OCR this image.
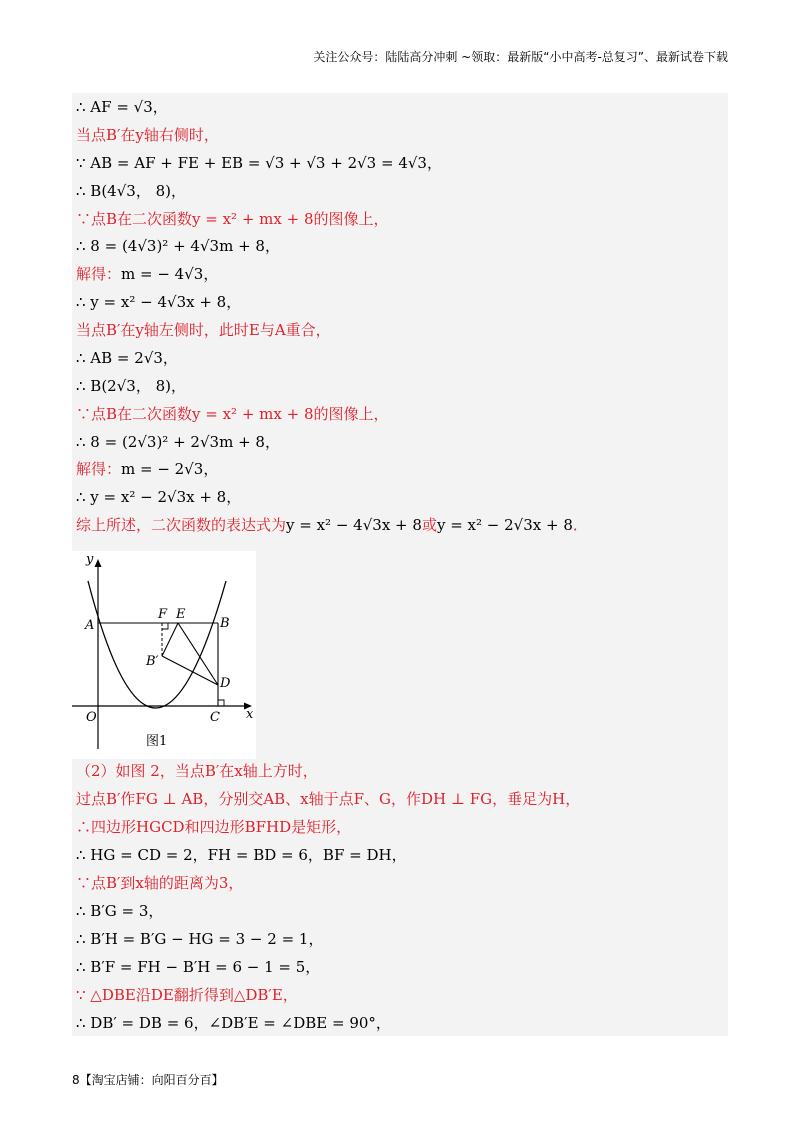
关注公众号：陆陆高分冲刺 ~领取：最新版“小中高考-总复习”、最新试卷下载
∴ AF = √3，
当点B′在y轴右侧时，
∵ AB = AF + FE + EB = √3 + √3 + 2√3 = 4√3，
∴ B(4√3， 8)，
∵点B在二次函数y = x² + mx + 8的图像上，
∴ 8 = (4√3)² + 4√3m + 8，
解得：m = − 4√3，
∴ y = x² − 4√3x + 8，
当点B′在y轴左侧时，此时E与A重合，
∴ AB = 2√3，
∴ B(2√3， 8)，
∵点B在二次函数y = x² + mx + 8的图像上，
∴ 8 = (2√3)² + 2√3m + 8，
解得：m = − 2√3，
∴ y = x² − 2√3x + 8，
综上所述，二次函数的表达式为y = x² − 4√3x + 8或y = x² − 2√3x + 8．
（2）如图 2，当点B′在x轴上方时，
过点B′作FG ⊥ AB，分别交AB、x轴于点F、G，作DH ⊥ FG，垂足为H，
∴四边形HGCD和四边形BFHD是矩形，
∴ HG = CD = 2，FH = BD = 6，BF = DH，
∵点B′到x轴的距离为3，
∴ B′G = 3，
∴ B′H = B′G − HG = 3 − 2 = 1，
∴ B′F = FH − B′H = 6 − 1 = 5，
∵ △DBE沿DE翻折得到△DB′E，
∴ DB′ = DB = 6，∠DB′E = ∠DBE = 90°，
y
x
O	C
A	B
F E
B′
D
图1
8【淘宝店铺：向阳百分百】
